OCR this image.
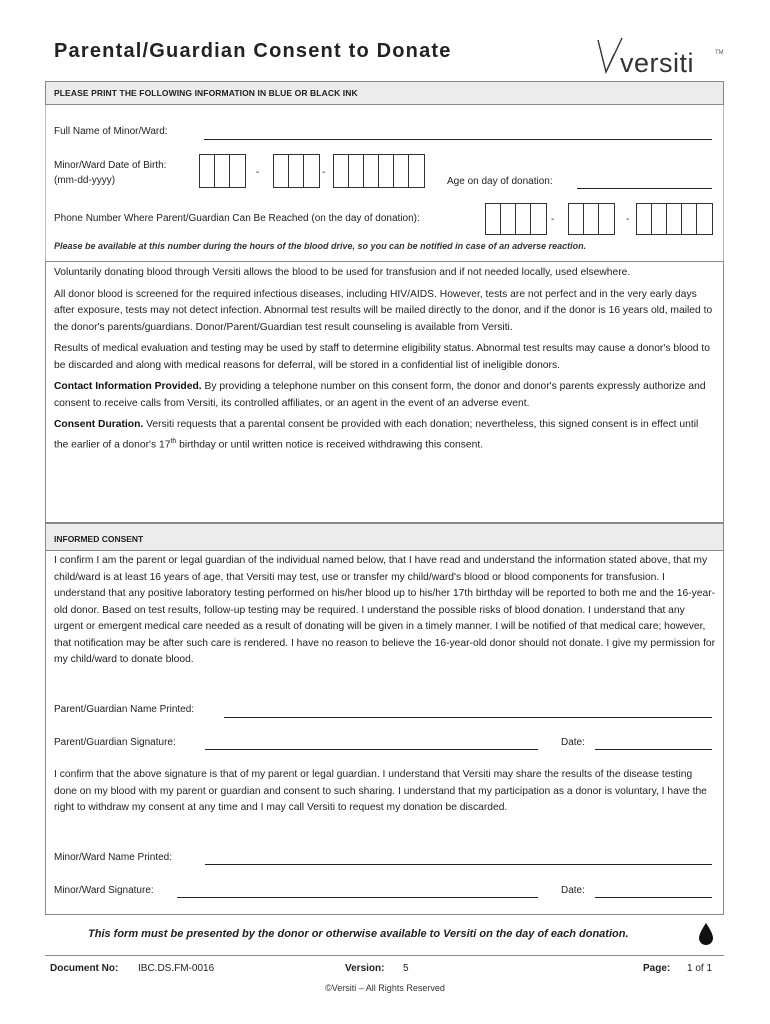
Parental/Guardian Consent to Donate	versiti	TM
PLEASE PRINT THE FOLLOWING INFORMATION IN BLUE OR BLACK INK
Full Name of Minor/Ward:
Minor/Ward Date of Birth:
(mm-dd-yyyy)
-	-
Age on day of donation:
Phone Number Where Parent/Guardian Can Be Reached (on the day of donation):	-	-
Please be available at this number during the hours of the blood drive, so you can be notified in case of an adverse reaction.

Voluntarily donating blood through Versiti allows the blood to be used for transfusion and if not needed locally, used elsewhere.

All donor blood is screened for the required infectious diseases, including HIV/AIDS. However, tests are not perfect and in the very early days after exposure, tests may not detect infection. Abnormal test results will be mailed directly to the donor, and if the donor is 16 years old, mailed to the donor's parents/guardians. Donor/Parent/Guardian test result counseling is available from Versiti.

Results of medical evaluation and testing may be used by staff to determine eligibility status. Abnormal test results may cause a donor's blood to be discarded and along with medical reasons for deferral, will be stored in a confidential list of ineligible donors.

Contact Information Provided. By providing a telephone number on this consent form, the donor and donor's parents expressly authorize and consent to receive calls from Versiti, its controlled affiliates, or an agent in the event of an adverse event.

Consent Duration. Versiti requests that a parental consent be provided with each donation; nevertheless, this signed consent is in effect until the earlier of a donor's 17th birthday or until written notice is received withdrawing this consent.

INFORMED CONSENT

I confirm I am the parent or legal guardian of the individual named below, that I have read and understand the information stated above, that my child/ward is at least 16 years of age, that Versiti may test, use or transfer my child/ward's blood or blood components for transfusion. I understand that any positive laboratory testing performed on his/her blood up to his/her 17th birthday will be reported to both me and the 16-year-old donor. Based on test results, follow-up testing may be required. I understand the possible risks of blood donation. I understand that any urgent or emergent medical care needed as a result of donating will be given in a timely manner. I will be notified of that medical care; however, that notification may be after such care is rendered. I have no reason to believe the 16-year-old donor should not donate. I give my permission for my child/ward to donate blood.

Parent/Guardian Name Printed:
Parent/Guardian Signature:	Date:

I confirm that the above signature is that of my parent or legal guardian. I understand that Versiti may share the results of the disease testing done on my blood with my parent or guardian and consent to such sharing. I understand that my participation as a donor is voluntary, I have the right to withdraw my consent at any time and I may call Versiti to request my donation be discarded.

Minor/Ward Name Printed:
Minor/Ward Signature:	Date:
This form must be presented by the donor or otherwise available to Versiti on the day of each donation.
Document No: IBC.DS.FM-0016	Version: 5	Page: 1 of 1
©Versiti – All Rights Reserved
